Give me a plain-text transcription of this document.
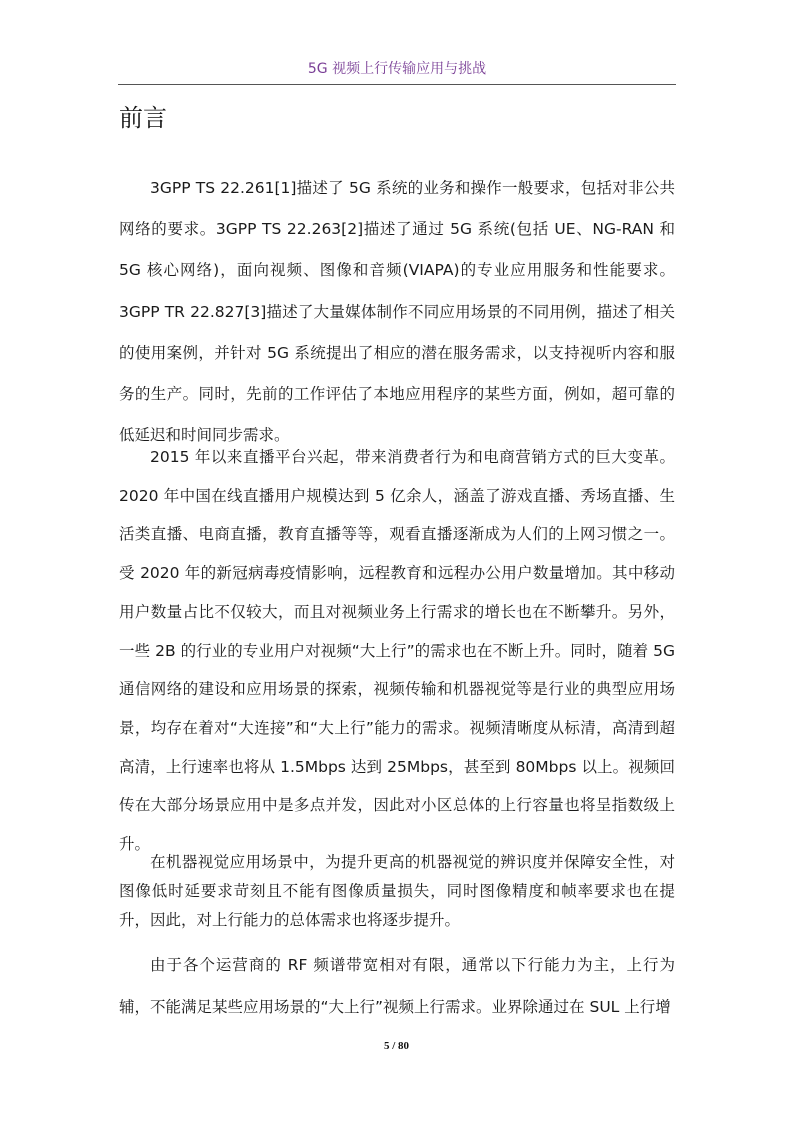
5G 视频上行传输应用与挑战
前言

3GPP TS 22.261[1]描述了 5G 系统的业务和操作一般要求，包括对非公共网络的要求。3GPP TS 22.263[2]描述了通过 5G 系统(包括 UE、NG-RAN 和 5G 核心网络)，面向视频、图像和音频(VIAPA)的专业应用服务和性能要求。3GPP TR 22.827[3]描述了大量媒体制作不同应用场景的不同用例，描述了相关的使用案例，并针对 5G 系统提出了相应的潜在服务需求，以支持视听内容和服务的生产。同时，先前的工作评估了本地应用程序的某些方面，例如，超可靠的低延迟和时间同步需求。

2015 年以来直播平台兴起，带来消费者行为和电商营销方式的巨大变革。2020 年中国在线直播用户规模达到 5 亿余人，涵盖了游戏直播、秀场直播、生活类直播、电商直播，教育直播等等，观看直播逐渐成为人们的上网习惯之一。受 2020 年的新冠病毒疫情影响，远程教育和远程办公用户数量增加。其中移动用户数量占比不仅较大，而且对视频业务上行需求的增长也在不断攀升。另外，一些 2B 的行业的专业用户对视频“大上行”的需求也在不断上升。同时，随着 5G 通信网络的建设和应用场景的探索，视频传输和机器视觉等是行业的典型应用场景，均存在着对“大连接”和“大上行”能力的需求。视频清晰度从标清，高清到超高清，上行速率也将从 1.5Mbps 达到 25Mbps，甚至到 80Mbps 以上。视频回传在大部分场景应用中是多点并发，因此对小区总体的上行容量也将呈指数级上升。

在机器视觉应用场景中，为提升更高的机器视觉的辨识度并保障安全性，对图像低时延要求苛刻且不能有图像质量损失，同时图像精度和帧率要求也在提升，因此，对上行能力的总体需求也将逐步提升。

由于各个运营商的 RF 频谱带宽相对有限，通常以下行能力为主，上行为辅，不能满足某些应用场景的“大上行”视频上行需求。业界除通过在 SUL 上行增

5 / 80
